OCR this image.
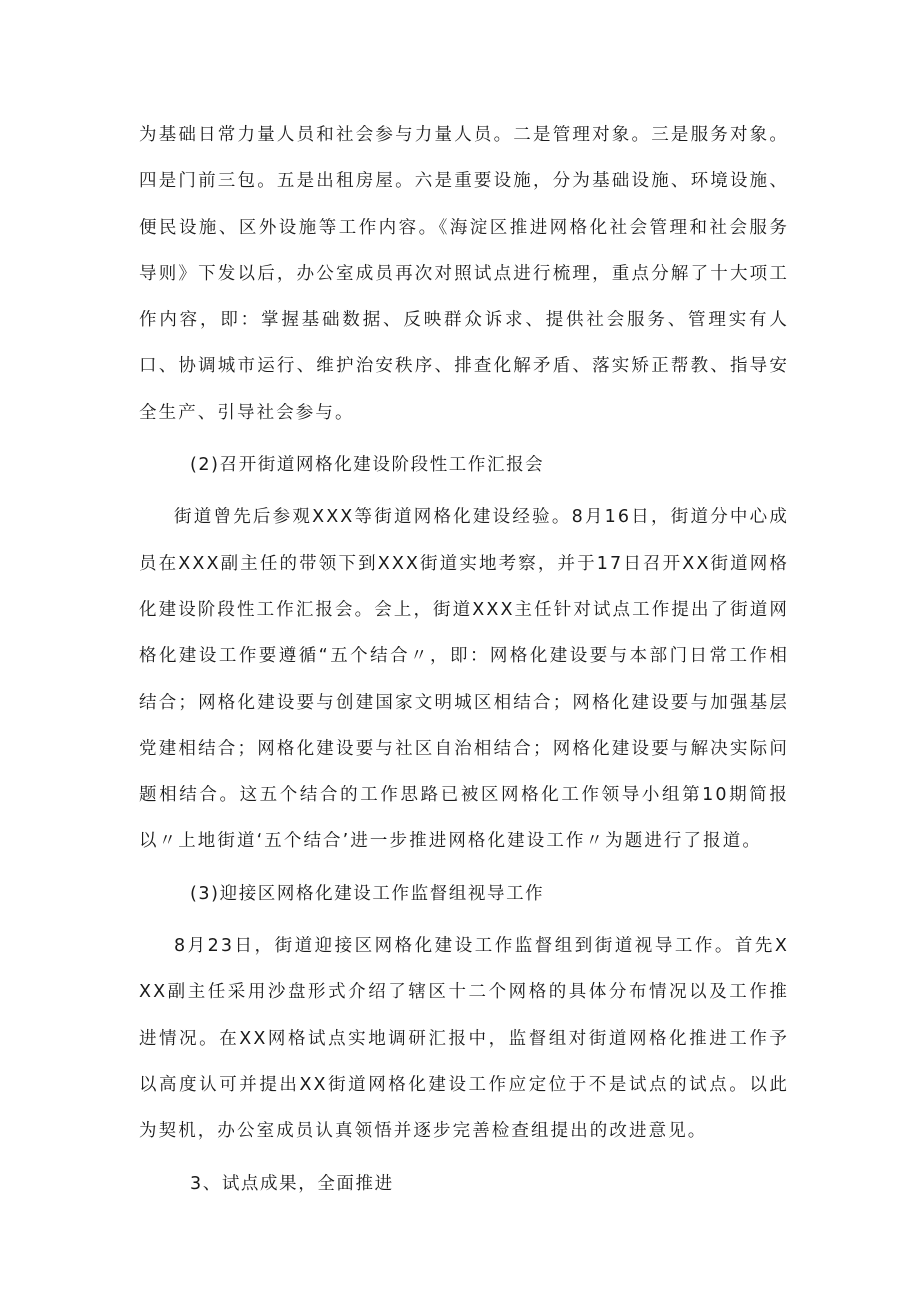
为基础日常力量人员和社会参与力量人员。二是管理对象。三是服务对象。四是门前三包。五是出租房屋。六是重要设施，分为基础设施、环境设施、便民设施、区外设施等工作内容。《海淀区推进网格化社会管理和社会服务导则》下发以后，办公室成员再次对照试点进行梳理，重点分解了十大项工作内容，即：掌握基础数据、反映群众诉求、提供社会服务、管理实有人口、协调城市运行、维护治安秩序、排查化解矛盾、落实矫正帮教、指导安全生产、引导社会参与。

(2)召开街道网格化建设阶段性工作汇报会

街道曾先后参观XXX等街道网格化建设经验。8月16日，街道分中心成员在XXX副主任的带领下到XXX街道实地考察，并于17日召开XX街道网格化建设阶段性工作汇报会。会上，街道XXX主任针对试点工作提出了街道网格化建设工作要遵循“五个结合〃，即：网格化建设要与本部门日常工作相结合；网格化建设要与创建国家文明城区相结合；网格化建设要与加强基层党建相结合；网格化建设要与社区自治相结合；网格化建设要与解决实际问题相结合。这五个结合的工作思路已被区网格化工作领导小组第10期简报以〃上地街道‘五个结合’进一步推进网格化建设工作〃为题进行了报道。

(3)迎接区网格化建设工作监督组视导工作

8月23日，街道迎接区网格化建设工作监督组到街道视导工作。首先XXX副主任采用沙盘形式介绍了辖区十二个网格的具体分布情况以及工作推进情况。在XX网格试点实地调研汇报中，监督组对街道网格化推进工作予以高度认可并提出XX街道网格化建设工作应定位于不是试点的试点。以此为契机，办公室成员认真领悟并逐步完善检查组提出的改进意见。

3、试点成果，全面推进
